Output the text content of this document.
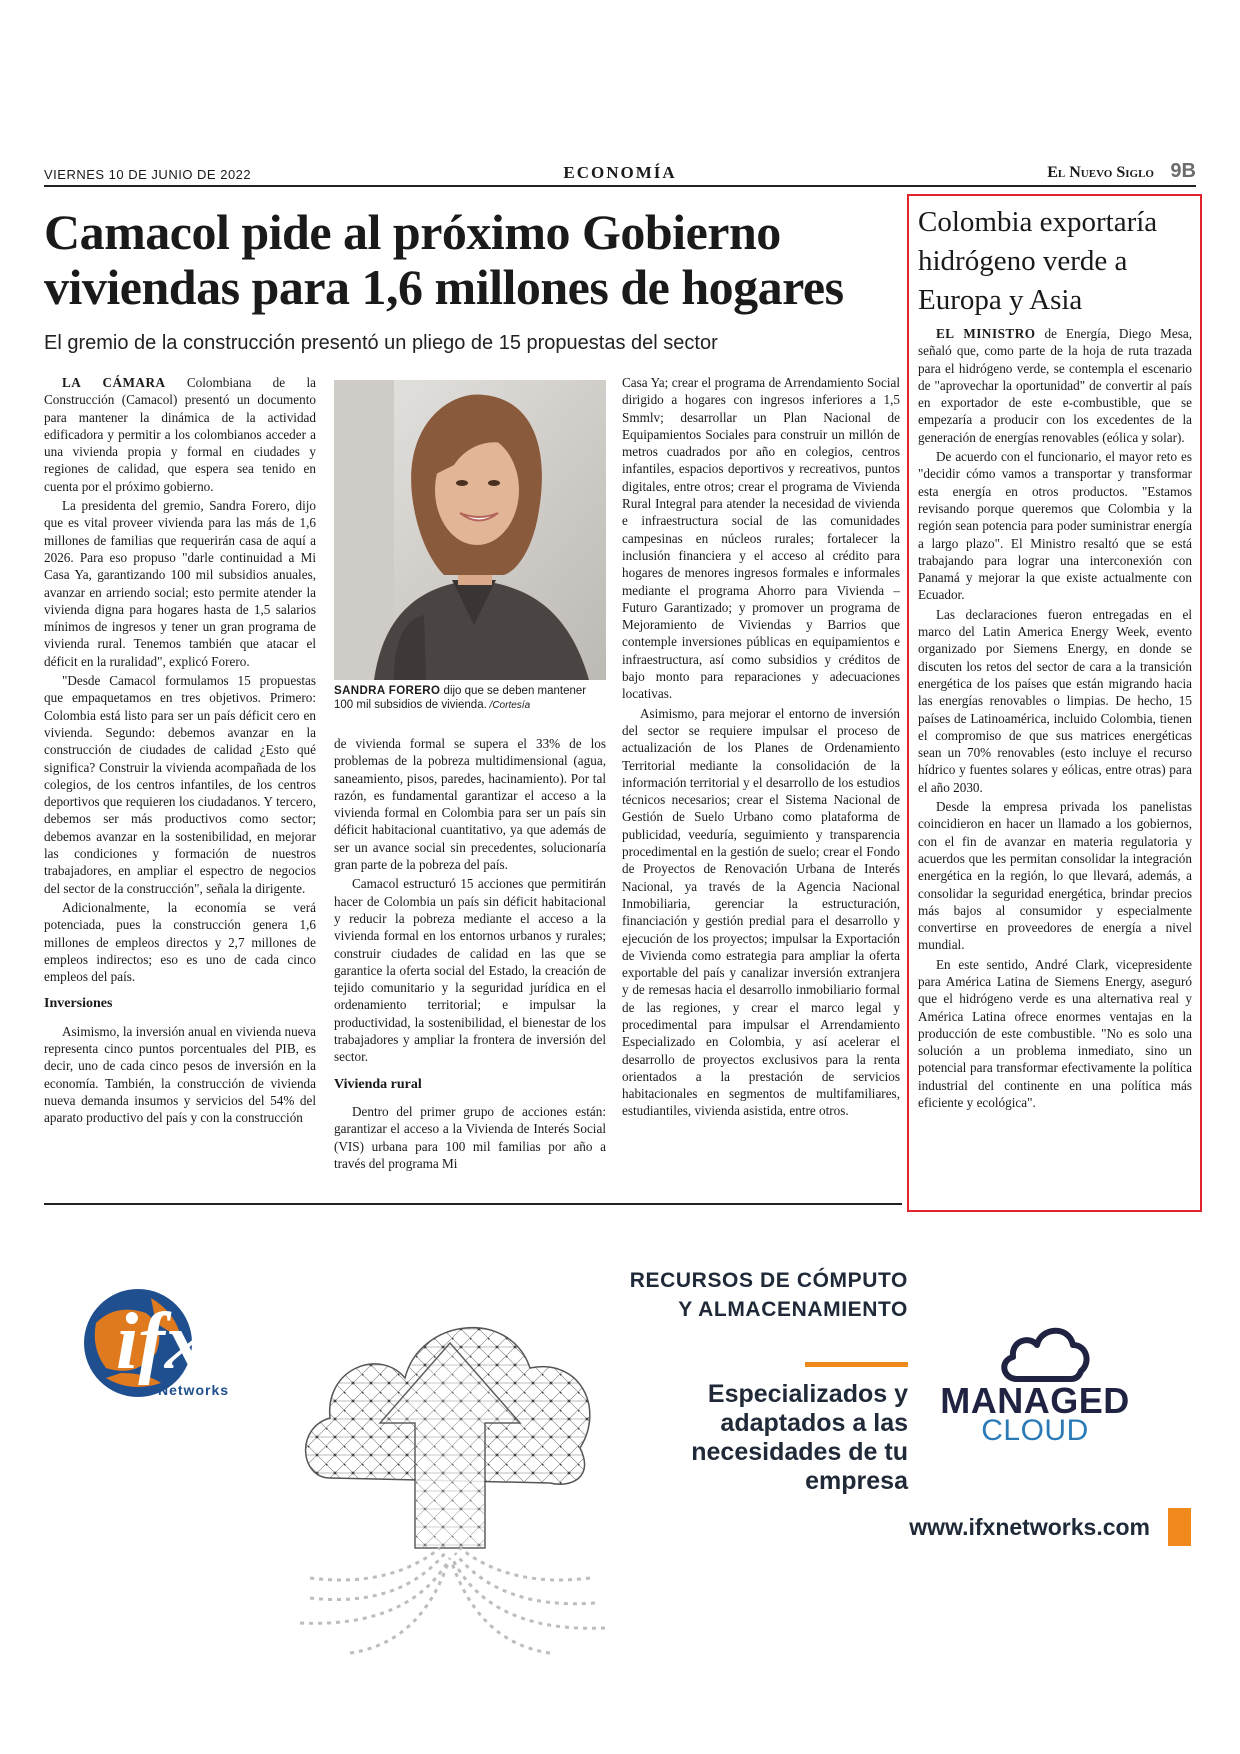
VIERNES 10 DE JUNIO DE 2022	ECONOMÍA	El Nuevo Siglo 9B
Camacol pide al próximo Gobierno viviendas para 1,6 millones de hogares
El gremio de la construcción presentó un pliego de 15 propuestas del sector

LA CÁMARA Colombiana de la Construcción (Camacol) presentó un documento para mantener la dinámica de la actividad edificadora y permitir a los colombianos acceder a una vivienda propia y formal en ciudades y regiones de calidad, que espera sea tenido en cuenta por el próximo gobierno.

La presidenta del gremio, Sandra Forero, dijo que es vital proveer vivienda para las más de 1,6 millones de familias que requerirán casa de aquí a 2026. Para eso propuso "darle continuidad a Mi Casa Ya, garantizando 100 mil subsidios anuales, avanzar en arriendo social; esto permite atender la vivienda digna para hogares hasta de 1,5 salarios mínimos de ingresos y tener un gran programa de vivienda rural. Tenemos también que atacar el déficit en la ruralidad", explicó Forero.

"Desde Camacol formulamos 15 propuestas que empaquetamos en tres objetivos. Primero: Colombia está listo para ser un país déficit cero en vivienda. Segundo: debemos avanzar en la construcción de ciudades de calidad ¿Esto qué significa? Construir la vivienda acompañada de los colegios, de los centros infantiles, de los centros deportivos que requieren los ciudadanos. Y tercero, debemos ser más productivos como sector; debemos avanzar en la sostenibilidad, en mejorar las condiciones y formación de nuestros trabajadores, en ampliar el espectro de negocios del sector de la construcción", señala la dirigente.

Adicionalmente, la economía se verá potenciada, pues la construcción genera 1,6 millones de empleos directos y 2,7 millones de empleos indirectos; eso es uno de cada cinco empleos del país.

Inversiones

Asimismo, la inversión anual en vivienda nueva representa cinco puntos porcentuales del PIB, es decir, uno de cada cinco pesos de inversión en la economía. También, la construcción de vivienda nueva demanda insumos y servicios del 54% del aparato productivo del país y con la construcción

SANDRA FORERO dijo que se deben mantener 100 mil subsidios de vivienda. /Cortesía

de vivienda formal se supera el 33% de los problemas de la pobreza multidimensional (agua, saneamiento, pisos, paredes, hacinamiento). Por tal razón, es fundamental garantizar el acceso a la vivienda formal en Colombia para ser un país sin déficit habitacional cuantitativo, ya que además de ser un avance social sin precedentes, solucionaría gran parte de la pobreza del país.

Camacol estructuró 15 acciones que permitirán hacer de Colombia un país sin déficit habitacional y reducir la pobreza mediante el acceso a la vivienda formal en los entornos urbanos y rurales; construir ciudades de calidad en las que se garantice la oferta social del Estado, la creación de tejido comunitario y la seguridad jurídica en el ordenamiento territorial; e impulsar la productividad, la sostenibilidad, el bienestar de los trabajadores y ampliar la frontera de inversión del sector.

Vivienda rural

Dentro del primer grupo de acciones están: garantizar el acceso a la Vivienda de Interés Social (VIS) urbana para 100 mil familias por año a través del programa Mi

Casa Ya; crear el programa de Arrendamiento Social dirigido a hogares con ingresos inferiores a 1,5 Smmlv; desarrollar un Plan Nacional de Equipamientos Sociales para construir un millón de metros cuadrados por año en colegios, centros infantiles, espacios deportivos y recreativos, puntos digitales, entre otros; crear el programa de Vivienda Rural Integral para atender la necesidad de vivienda e infraestructura social de las comunidades campesinas en núcleos rurales; fortalecer la inclusión financiera y el acceso al crédito para hogares de menores ingresos formales e informales mediante el programa Ahorro para Vivienda – Futuro Garantizado; y promover un programa de Mejoramiento de Viviendas y Barrios que contemple inversiones públicas en equipamientos e infraestructura, así como subsidios y créditos de bajo monto para reparaciones y adecuaciones locativas.

Asimismo, para mejorar el entorno de inversión del sector se requiere impulsar el proceso de actualización de los Planes de Ordenamiento Territorial mediante la consolidación de la información territorial y el desarrollo de los estudios técnicos necesarios; crear el Sistema Nacional de Gestión de Suelo Urbano como plataforma de publicidad, veeduría, seguimiento y transparencia procedimental en la gestión de suelo; crear el Fondo de Proyectos de Renovación Urbana de Interés Nacional, ya través de la Agencia Nacional Inmobiliaria, gerenciar la estructuración, financiación y gestión predial para el desarrollo y ejecución de los proyectos; impulsar la Exportación de Vivienda como estrategia para ampliar la oferta exportable del país y canalizar inversión extranjera y de remesas hacia el desarrollo inmobiliario formal de las regiones, y crear el marco legal y procedimental para impulsar el Arrendamiento Especializado en Colombia, y así acelerar el desarrollo de proyectos exclusivos para la renta orientados a la prestación de servicios habitacionales en segmentos de multifamiliares, estudiantiles, vivienda asistida, entre otros.

Colombia exportaría hidrógeno verde a Europa y Asia

EL MINISTRO de Energía, Diego Mesa, señaló que, como parte de la hoja de ruta trazada para el hidrógeno verde, se contempla el escenario de "aprovechar la oportunidad" de convertir al país en exportador de este e-combustible, que se empezaría a producir con los excedentes de la generación de energías renovables (eólica y solar).

De acuerdo con el funcionario, el mayor reto es "decidir cómo vamos a transportar y transformar esta energía en otros productos. "Estamos revisando porque queremos que Colombia y la región sean potencia para poder suministrar energía a largo plazo". El Ministro resaltó que se está trabajando para lograr una interconexión con Panamá y mejorar la que existe actualmente con Ecuador.

Las declaraciones fueron entregadas en el marco del Latin America Energy Week, evento organizado por Siemens Energy, en donde se discuten los retos del sector de cara a la transición energética de los países que están migrando hacia las energías renovables o limpias. De hecho, 15 países de Latinoamérica, incluido Colombia, tienen el compromiso de que sus matrices energéticas sean un 70% renovables (esto incluye el recurso hídrico y fuentes solares y eólicas, entre otras) para el año 2030.

Desde la empresa privada los panelistas coincidieron en hacer un llamado a los gobiernos, con el fin de avanzar en materia regulatoria y acuerdos que les permitan consolidar la integración energética en la región, lo que llevará, además, a consolidar la seguridad energética, brindar precios más bajos al consumidor y especialmente convertirse en proveedores de energía a nivel mundial.

En este sentido, André Clark, vicepresidente para América Latina de Siemens Energy, aseguró que el hidrógeno verde es una alternativa real y América Latina ofrece enormes ventajas en la producción de este combustible. "No es solo una solución a un problema inmediato, sino un potencial para transformar efectivamente la política industrial del continente en una política más eficiente y ecológica".

ifx
Networks
RECURSOS DE CÓMPUTO Y ALMACENAMIENTO
Especializados y adaptados a las necesidades de tu empresa
MANAGED
CLOUD
www.ifxnetworks.com
